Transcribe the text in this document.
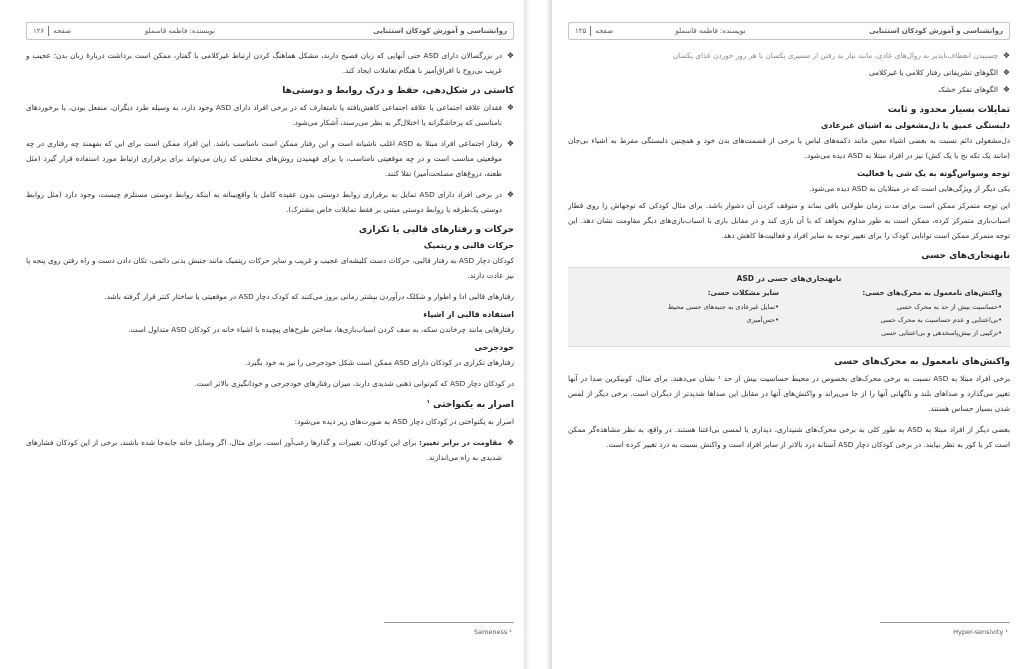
روانشناسی و آموزش کودکان استثنایی
نویسنده: فاطمه قاسملو
صفحه
۱۲۶

❖ در بزرگسالان دارای ASD حتی آنهایی که زبان فصیح دارند، مشکل هماهنگ کردن ارتباط غیرکلامی با گفتار، ممکن است برداشت دربارهٔ زبان بدن؛ عجیب و غریب بی‌روح یا افراق‌آمیز با هنگام تعاملات ایجاد کند.

کاستی در شکل‌دهی، حفظ و درک روابط و دوستی‌ها

❖ فقدان علاقه اجتماعی یا علاقه اجتماعی کاهش‌یافته یا نامتعارف که در برخی افراد دارای ASD وجود دارد، به وسیله طرد دیگران، منفعل بودن، یا برخوردهای نامناسبی که پرخاشگرانه یا اختلال‌گر به نظر می‌رسند، آشکار می‌شود.

❖ رفتار اجتماعی افراد مبتلا به ASD اغلب ناشیانه است و این رفتار ممکن است نامناسب باشد. این افراد ممکن است برای این که بفهمند چه رفتاری در چه موقعیتی مناسب است و در چه موقعیتی نامناسب، یا برای فهمیدن روش‌های مختلفی که زبان می‌تواند برای برقراری ارتباط مورد استفاده قرار گیرد (مثل طعنه، دروغ‌های مصلحت‌آمیز) تقلا کنند.

❖ در برخی افراد دارای ASD تمایل به برقراری روابط دوستی بدون عقیده کامل یا واقع‌بینانه به اینکه روابط دوستی مستلزم چیست، وجود دارد (مثل روابط دوستی یک‌طرفه یا روابط دوستی مبتنی بر فقط تمایلات خاص مشترک).

حرکات و رفتارهای قالبی یا تکراری
حرکات قالبی و ریتمیک

کودکان دچار ASD به رفتار قالبی، حرکات دست کلیشه‌ای عجیب و غریب و سایر حرکات ریتمیک مانند جنبش بدنی دائمی، تکان دادن دست و راه رفتن روی پنجه پا نیز عادت دارند.

رفتارهای قالبی ادا و اطوار و شکلک درآوردن بیشتر زمانی بروز می‌کنند که کودک دچار ASD در موقعیتی یا ساختار کنتر قرار گرفته باشد.

استفاده قالبی از اشیاء

رفتارهایی مانند چرخاندن سکه، به صف کردن اسباب‌بازی‌ها، ساختن طرح‌های پیچیده با اشیاء خانه در کودکان ASD متداول است.

خودجرحی

رفتارهای تکراری در کودکان دارای ASD ممکن است شکل خودجرحی را نیز به خود بگیرد.

در کودکان دچار ASD که کم‌توانی ذهنی شدیدی دارند، میزان رفتارهای خودجرحی و خودانگیزی بالاتر است.

اصرار به یکنواختی $^۱$

اصرار به یکنواختی در کودکان دچار ASD به صورت‌های زیر دیده می‌شود:

❖ مقاومت در برابر تغییر: برای این کودکان، تغییرات و گذارها رعب‌آور است. برای مثال، اگر وسایل خانه جابه‌جا شده باشند، برخی از این کودکان فشارهای شدیدی به راه می‌اندازند.

Sameness ¹
روانشناسی و آموزش کودکان استثنایی
نویسنده: فاطمه قاسملو
صفحه
۱۲۵

❖ چسبیدن انعطاف‌ناپذیر به روال‌های عادی، مانند نیاز به رفتن از مسیری یکسان یا هر روز خوردن غذای یکسان

❖ الگوهای تشریفاتی رفتار کلامی یا غیرکلامی

❖ الگوهای تفکر خشک

تمایلات بسیار محدود و ثابت
دلبستگی عمیق یا ذل‌مشغولی به اشیای غیرعادی

دل‌مشغولی دائم نسبت به بعضی اشیاء معین مانند دکمه‌های لباس یا برخی از قسمت‌های بدن خود و همچنین دلبستگی مفرط به اشیاء بی‌جان (مانند یک تکه نخ یا یک کش) نیز در افراد مبتلا به ASD دیده می‌شود.

توجه وسواس‌گونه به یک شی یا فعالیت

یکی دیگر از ویژگی‌هایی است که در مبتلایان به ASD دیده می‌شود.

این توجه متمرکز ممکن است برای مدت زمان طولانی باقی بماند و متوقف کردن آن دشوار باشد. برای مثال کودکی که توجهاش را روی قطار اسباب‌بازی متمرکز کرده، ممکن است به طور مداوم بخواهد که با آن بازی کند و در مقابل بازی با اسباب‌بازی‌های دیگر مقاومت نشان دهد. این توجه متمرکز ممکن است توانایی کودک را برای تغییر توجه به سایر افراد و فعالیت‌ها کاهش دهد.

نابهنجاری‌های حسی
نابهنجاری‌های حسی در ASD
واکنش‌های نامعمول به محرک‌های حسی:
•حساسیت بیش از حد به محرک حسی
•بی‌اعتنایی و عدم حساسیت به محرک حسی
•ترکیبی از بیش‌پاسخدهی و بی‌اعتنایی حسی
سایر مشکلات حسی:
•تمایل غیرعادی به جنبه‌های حسی محیط
•حس‌آمیزی
واکنش‌های نامعمول به محرک‌های حسی

برخی افراد مبتلا به ASD نسبت به برخی محرک‌های بخصوص در محیط حساسیت بیش از حد ¹ نشان می‌دهند، برای مثال، کوبیکرین صدا در آنها تغییر می‌گذارد و صداهای بلند و ناگهانی آنها را از جا می‌پراند و واکنش‌های آنها در مقابل این صداها شدیدتر از دیگران است. برخی دیگر از لمس شدن بسیار حساس هستند.

بعضی دیگر از افراد مبتلا به ASD به طور کلی به برخی محرک‌های شنیداری، دیداری یا لمسی بی‌اعتنا هستند. در واقع، به نظر مشاهده‌گر ممکن است کر یا کور به نظر بیایند. در برخی کودکان دچار ASD آستانه درد بالاتر از سایر افراد است و واکنش نسبت به درد تغییر کرده است.

Hyper-sensivity ¹
